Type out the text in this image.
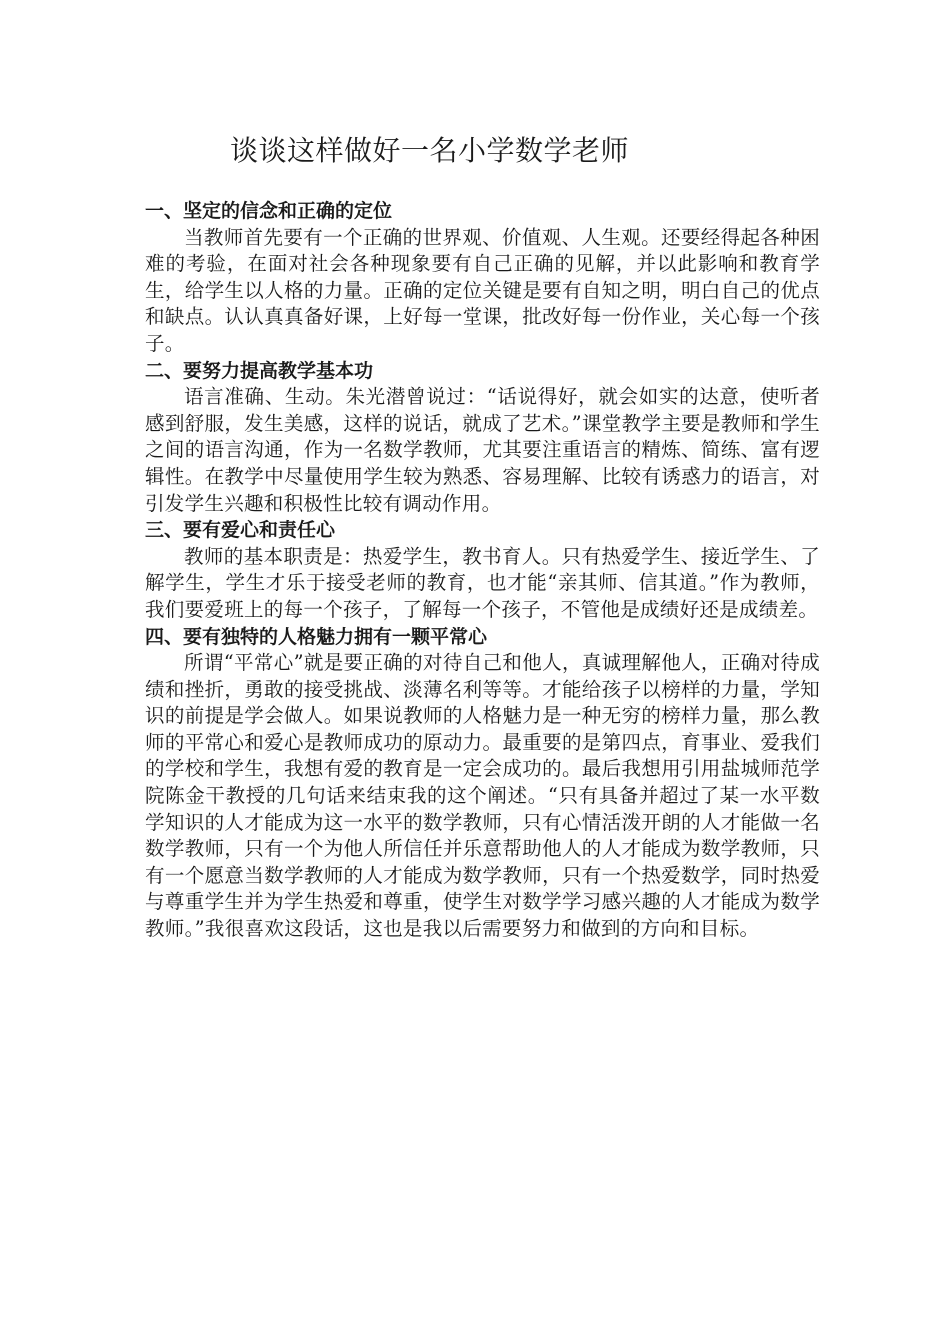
谈谈这样做好一名小学数学老师
一、坚定的信念和正确的定位

当教师首先要有一个正确的世界观、价值观、人生观。还要经得起各种困难的考验，在面对社会各种现象要有自己正确的见解，并以此影响和教育学生，给学生以人格的力量。正确的定位关键是要有自知之明，明白自己的优点和缺点。认认真真备好课，上好每一堂课，批改好每一份作业，关心每一个孩子。

二、要努力提高教学基本功

语言准确、生动。朱光潜曾说过：“话说得好，就会如实的达意，使听者感到舒服，发生美感，这样的说话，就成了艺术。”课堂教学主要是教师和学生之间的语言沟通，作为一名数学教师，尤其要注重语言的精炼、简练、富有逻辑性。在教学中尽量使用学生较为熟悉、容易理解、比较有诱惑力的语言，对引发学生兴趣和积极性比较有调动作用。

三、要有爱心和责任心

教师的基本职责是：热爱学生，教书育人。只有热爱学生、接近学生、了解学生，学生才乐于接受老师的教育，也才能“亲其师、信其道。”作为教师，我们要爱班上的每一个孩子，了解每一个孩子，不管他是成绩好还是成绩差。

四、要有独特的人格魅力拥有一颗平常心

所谓“平常心”就是要正确的对待自己和他人，真诚理解他人，正确对待成绩和挫折，勇敢的接受挑战、淡薄名利等等。才能给孩子以榜样的力量，学知识的前提是学会做人。如果说教师的人格魅力是一种无穷的榜样力量，那么教师的平常心和爱心是教师成功的原动力。最重要的是第四点，育事业、爱我们的学校和学生，我想有爱的教育是一定会成功的。最后我想用引用盐城师范学院陈金干教授的几句话来结束我的这个阐述。“只有具备并超过了某一水平数学知识的人才能成为这一水平的数学教师，只有心情活泼开朗的人才能做一名数学教师，只有一个为他人所信任并乐意帮助他人的人才能成为数学教师，只有一个愿意当数学教师的人才能成为数学教师，只有一个热爱数学，同时热爱与尊重学生并为学生热爱和尊重，使学生对数学学习感兴趣的人才能成为数学教师。”我很喜欢这段话，这也是我以后需要努力和做到的方向和目标。
